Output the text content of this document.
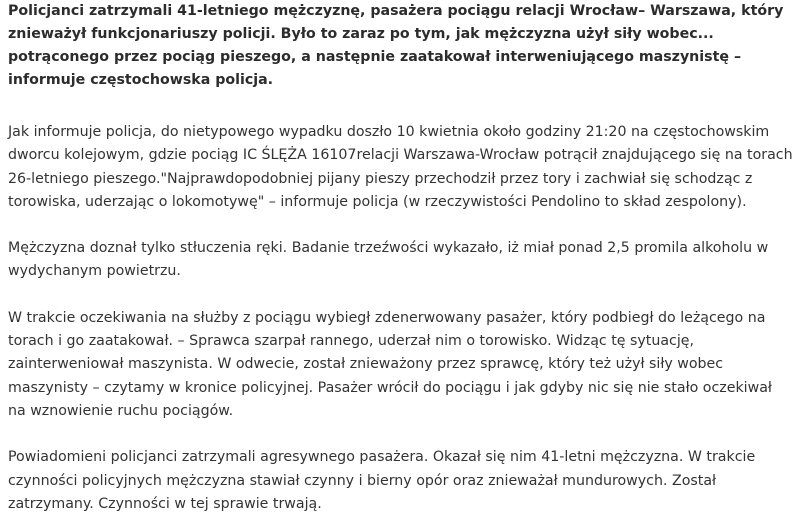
Policjanci zatrzymali 41-letniego mężczyznę, pasażera pociągu relacji Wrocław– Warszawa, który znieważył funkcjonariuszy policji. Było to zaraz po tym, jak mężczyzna użył siły wobec... potrąconego przez pociąg pieszego, a następnie zaatakował interweniującego maszynistę – informuje częstochowska policja.

Jak informuje policja, do nietypowego wypadku doszło 10 kwietnia około godziny 21:20 na częstochowskim dworcu kolejowym, gdzie pociąg IC ŚLĘŻA 16107relacji Warszawa-Wrocław potrącił znajdującego się na torach 26-letniego pieszego."Najprawdopodobniej pijany pieszy przechodził przez tory i zachwiał się schodząc z torowiska, uderzając o lokomotywę" – informuje policja (w rzeczywistości Pendolino to skład zespolony).

Mężczyzna doznał tylko stłuczenia ręki. Badanie trzeźwości wykazało, iż miał ponad 2,5 promila alkoholu w wydychanym powietrzu.

W trakcie oczekiwania na służby z pociągu wybiegł zdenerwowany pasażer, który podbiegł do leżącego na torach i go zaatakował. – Sprawca szarpał rannego, uderzał nim o torowisko. Widząc tę sytuację, zainterweniował maszynista. W odwecie, został znieważony przez sprawcę, który też użył siły wobec maszynisty – czytamy w kronice policyjnej. Pasażer wrócił do pociągu i jak gdyby nic się nie stało oczekiwał na wznowienie ruchu pociągów.

Powiadomieni policjanci zatrzymali agresywnego pasażera. Okazał się nim 41-letni mężczyzna. W trakcie czynności policyjnych mężczyzna stawiał czynny i bierny opór oraz znieważał mundurowych. Został zatrzymany. Czynności w tej sprawie trwają.
